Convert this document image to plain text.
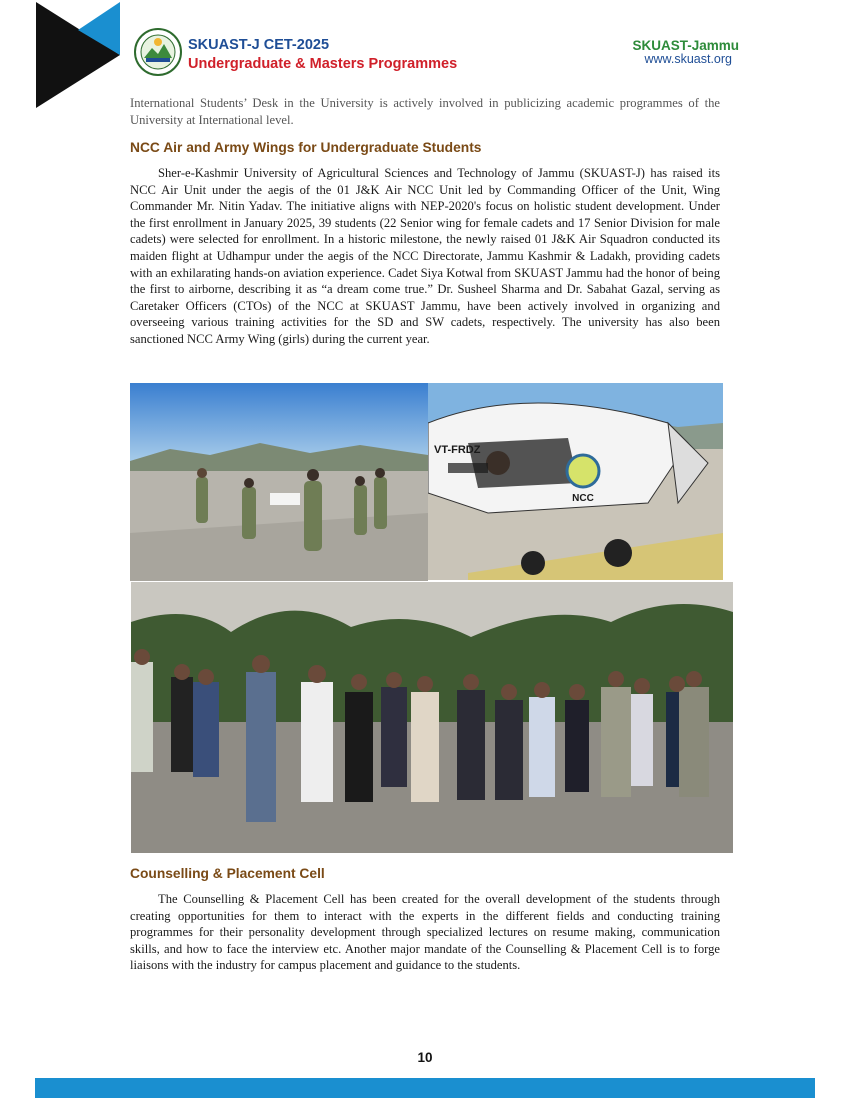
SKUAST-J CET-2025
Undergraduate & Masters Programmes
SKUAST-Jammu
www.skuast.org

International Students’ Desk in the University is actively involved in publicizing academic programmes of the University at International level.

NCC Air and Army Wings for Undergraduate Students

Sher-e-Kashmir University of Agricultural Sciences and Technology of Jammu (SKUAST-J) has raised its NCC Air Unit under the aegis of the 01 J&K Air NCC Unit led by Commanding Officer of the Unit, Wing Commander Mr. Nitin Yadav. The initiative aligns with NEP-2020's focus on holistic student development. Under the first enrollment in January 2025, 39 students (22 Senior wing for female cadets and 17 Senior Division for male cadets) were selected for enrollment. In a historic milestone, the newly raised 01 J&K Air Squadron conducted its maiden flight at Udhampur under the aegis of the NCC Directorate, Jammu Kashmir & Ladakh, providing cadets with an exhilarating hands-on aviation experience. Cadet Siya Kotwal from SKUAST Jammu had the honor of being the first to airborne, describing it as “a dream come true.” Dr. Susheel Sharma and Dr. Sabahat Gazal, serving as Caretaker Officers (CTOs) of the NCC at SKUAST Jammu, have been actively involved in organizing and overseeing various training activities for the SD and SW cadets, respectively. The university has also been sanctioned NCC Army Wing (girls) during the current year.

NCC
VT-FRDZ
Counselling & Placement Cell

The Counselling & Placement Cell has been created for the overall development of the students through creating opportunities for them to interact with the experts in the different fields and conducting training programmes for their personality development through specialized lectures on resume making, communication skills, and how to face the interview etc. Another major mandate of the Counselling & Placement Cell is to forge liaisons with the industry for campus placement and guidance to the students.

10
